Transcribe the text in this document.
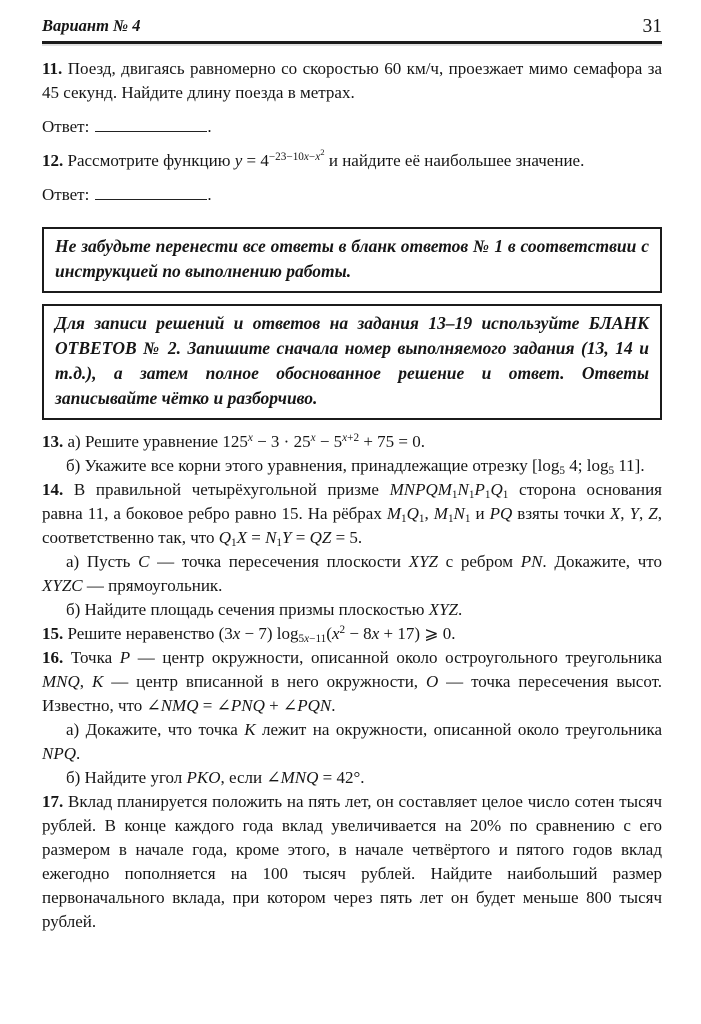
Вариант № 4	31

11. Поезд, двигаясь равномерно со скоростью 60 км/ч, проезжает мимо семафора за 45 секунд. Найдите длину поезда в метрах.

Ответ:	.

12. Рассмотрите функцию $y = 4^{-23-10x-x^2}$ и найдите её наибольшее значение.

Ответ:	.

Не забудьте перенести все ответы в бланк ответов № 1 в соответствии с инструкцией по выполнению работы.

Для записи решений и ответов на задания 13–19 используйте БЛАНК ОТВЕТОВ № 2. Запишите сначала номер выполняемого задания (13, 14 и т.д.), а затем полное обоснованное решение и ответ. Ответы записывайте чётко и разборчиво.

13. а) Решите уравнение $125^x - 3 \cdot 25^x - 5^{x+2} + 75 = 0$.

б) Укажите все корни этого уравнения, принадлежащие отрезку [$\log_5$ 4; $\log_5 11$].

14. В правильной четырёхугольной призме $MNPQM_1N_1P_1Q_1$ сторона основания равна 11, а боковое ребро равно 15. На рёбрах $M_1Q_1$, $M_1N_1$ и PQ взяты точки X, Y, Z, соответственно так, что $Q_1X = N_1Y$ = QZ = 5.

а) Пусть C — точка пересечения плоскости XYZ с ребром PN. Докажите, что XYZC — прямоугольник.

б) Найдите площадь сечения призмы плоскостью XYZ.

15. Решите неравенство (3x − 7) $\log_{5x-11}(x^2 - 8x + 17)$ ⩾ 0.

16. Точка P — центр окружности, описанной около остроугольного треугольника MNQ, K — центр вписанной в него окружности, O — точка пересечения высот. Известно, что ∠NMQ = ∠PNQ + ∠PQN.

а) Докажите, что точка K лежит на окружности, описанной около треугольника NPQ.

б) Найдите угол PKO, если ∠MNQ = 42°.

17. Вклад планируется положить на пять лет, он составляет целое число сотен тысяч рублей. В конце каждого года вклад увеличивается на 20% по сравнению с его размером в начале года, кроме этого, в начале четвёртого и пятого годов вклад ежегодно пополняется на 100 тысяч рублей. Найдите наибольший размер первоначального вклада, при котором через пять лет он будет меньше 800 тысяч рублей.
